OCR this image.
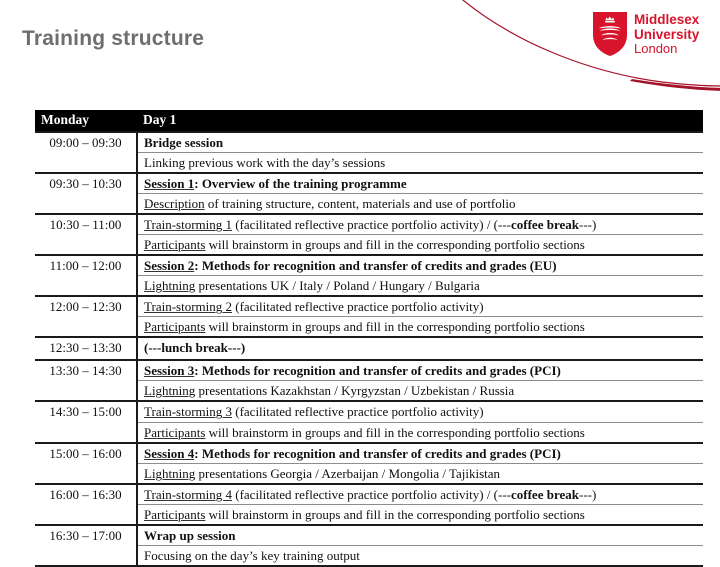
Training structure
Middlesex
University
London
Monday	Day 1
09:00 – 09:30	Bridge session
Linking previous work with the day’s sessions

09:30 – 10:30	Session 1: Overview of the training programme
Description of training structure, content, materials and use of portfolio

10:30 – 11:00	Train-storming 1 (facilitated reflective practice portfolio activity) / (---coffee break---)
Participants will brainstorm in groups and fill in the corresponding portfolio sections

11:00 – 12:00	Session 2: Methods for recognition and transfer of credits and grades (EU)
Lightning presentations UK / Italy / Poland / Hungary / Bulgaria

12:00 – 12:30	Train-storming 2 (facilitated reflective practice portfolio activity)
Participants will brainstorm in groups and fill in the corresponding portfolio sections

12:30 – 13:30	(---lunch break---)

13:30 – 14:30	Session 3: Methods for recognition and transfer of credits and grades (PCI)
Lightning presentations Kazakhstan / Kyrgyzstan / Uzbekistan / Russia

14:30 – 15:00	Train-storming 3 (facilitated reflective practice portfolio activity)
Participants will brainstorm in groups and fill in the corresponding portfolio sections

15:00 – 16:00	Session 4: Methods for recognition and transfer of credits and grades (PCI)
Lightning presentations Georgia / Azerbaijan / Mongolia / Tajikistan

16:00 – 16:30	Train-storming 4 (facilitated reflective practice portfolio activity) / (---coffee break---)
Participants will brainstorm in groups and fill in the corresponding portfolio sections

16:30 – 17:00	Wrap up session
Focusing on the day’s key training output
